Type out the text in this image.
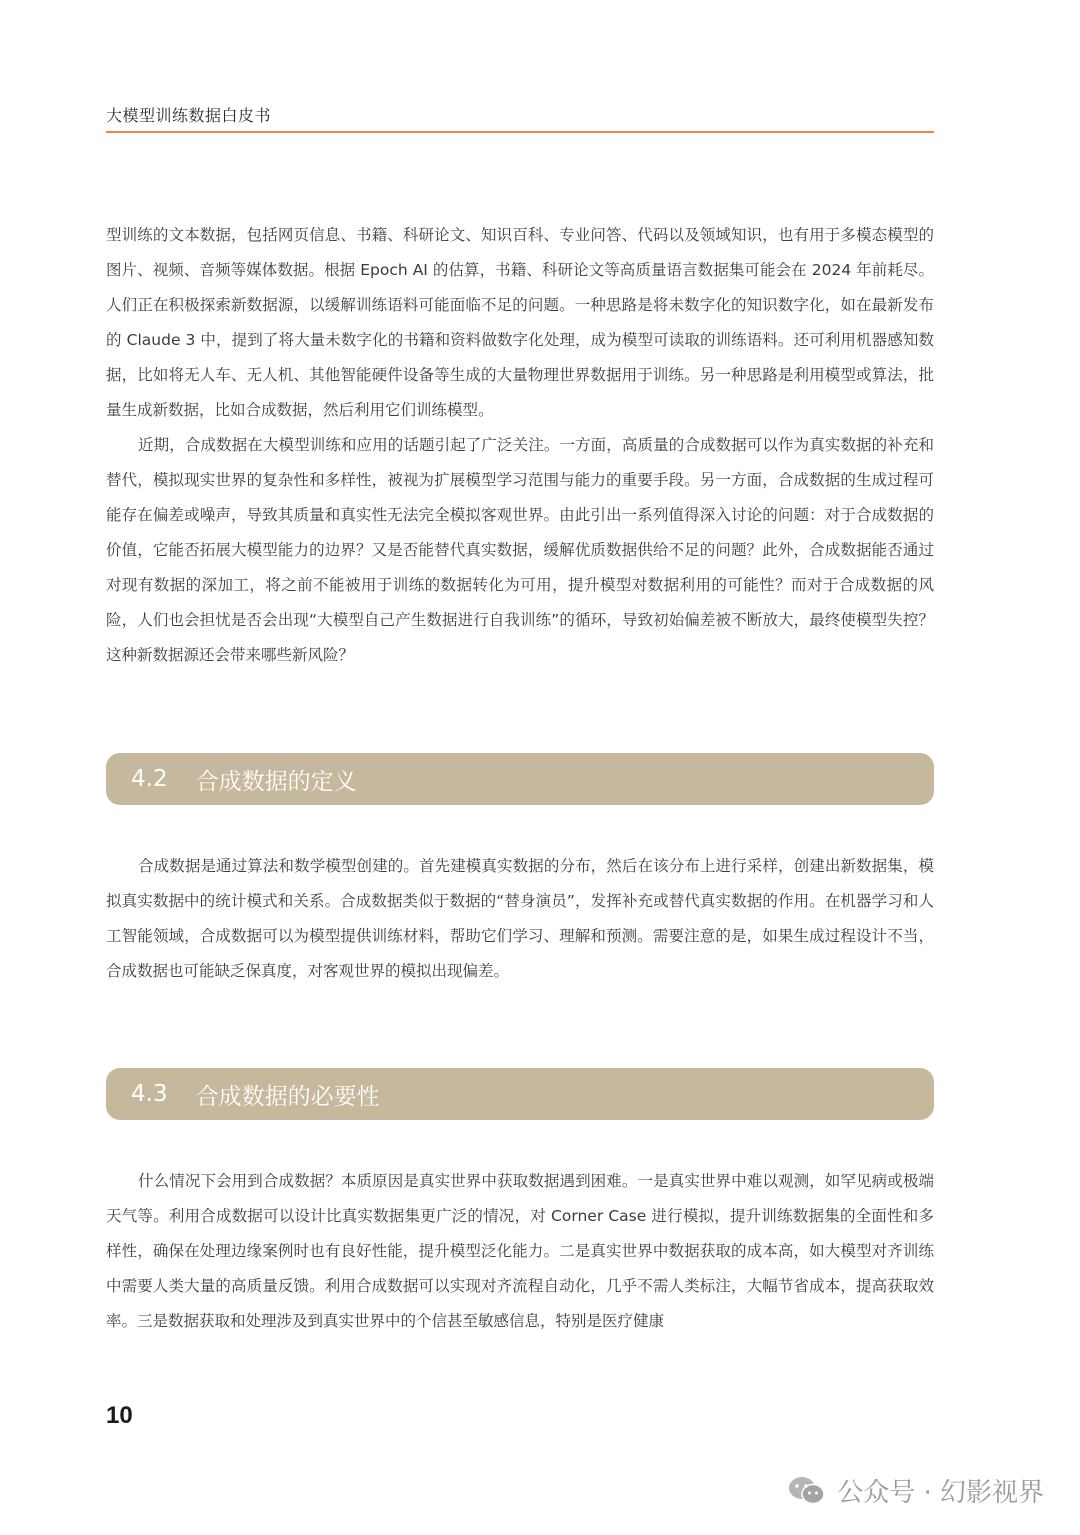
大模型训练数据白皮书

型训练的文本数据，包括网页信息、书籍、科研论文、知识百科、专业问答、代码以及领域知识，也有用于多模态模型的图片、视频、音频等媒体数据。根据 Epoch AI 的估算，书籍、科研论文等高质量语言数据集可能会在 2024 年前耗尽。人们正在积极探索新数据源，以缓解训练语料可能面临不足的问题。一种思路是将未数字化的知识数字化，如在最新发布的 Claude 3 中，提到了将大量未数字化的书籍和资料做数字化处理，成为模型可读取的训练语料。还可利用机器感知数据，比如将无人车、无人机、其他智能硬件设备等生成的大量物理世界数据用于训练。另一种思路是利用模型或算法，批量生成新数据，比如合成数据，然后利用它们训练模型。

近期，合成数据在大模型训练和应用的话题引起了广泛关注。一方面，高质量的合成数据可以作为真实数据的补充和替代，模拟现实世界的复杂性和多样性，被视为扩展模型学习范围与能力的重要手段。另一方面，合成数据的生成过程可能存在偏差或噪声，导致其质量和真实性无法完全模拟客观世界。由此引出一系列值得深入讨论的问题：对于合成数据的价值，它能否拓展大模型能力的边界？又是否能替代真实数据，缓解优质数据供给不足的问题？此外，合成数据能否通过对现有数据的深加工，将之前不能被用于训练的数据转化为可用，提升模型对数据利用的可能性？而对于合成数据的风险，人们也会担忧是否会出现“大模型自己产生数据进行自我训练”的循环，导致初始偏差被不断放大，最终使模型失控？这种新数据源还会带来哪些新风险？

4.2 合成数据的定义

合成数据是通过算法和数学模型创建的。首先建模真实数据的分布，然后在该分布上进行采样，创建出新数据集，模拟真实数据中的统计模式和关系。合成数据类似于数据的“替身演员”，发挥补充或替代真实数据的作用。在机器学习和人工智能领域，合成数据可以为模型提供训练材料，帮助它们学习、理解和预测。需要注意的是，如果生成过程设计不当，合成数据也可能缺乏保真度，对客观世界的模拟出现偏差。

4.3 合成数据的必要性

什么情况下会用到合成数据？本质原因是真实世界中获取数据遇到困难。一是真实世界中难以观测，如罕见病或极端天气等。利用合成数据可以设计比真实数据集更广泛的情况，对 Corner Case 进行模拟，提升训练数据集的全面性和多样性，确保在处理边缘案例时也有良好性能，提升模型泛化能力。二是真实世界中数据获取的成本高，如大模型对齐训练中需要人类大量的高质量反馈。利用合成数据可以实现对齐流程自动化，几乎不需人类标注，大幅节省成本，提高获取效率。三是数据获取和处理涉及到真实世界中的个信甚至敏感信息，特别是医疗健康

10
公众号 · 幻影视界
